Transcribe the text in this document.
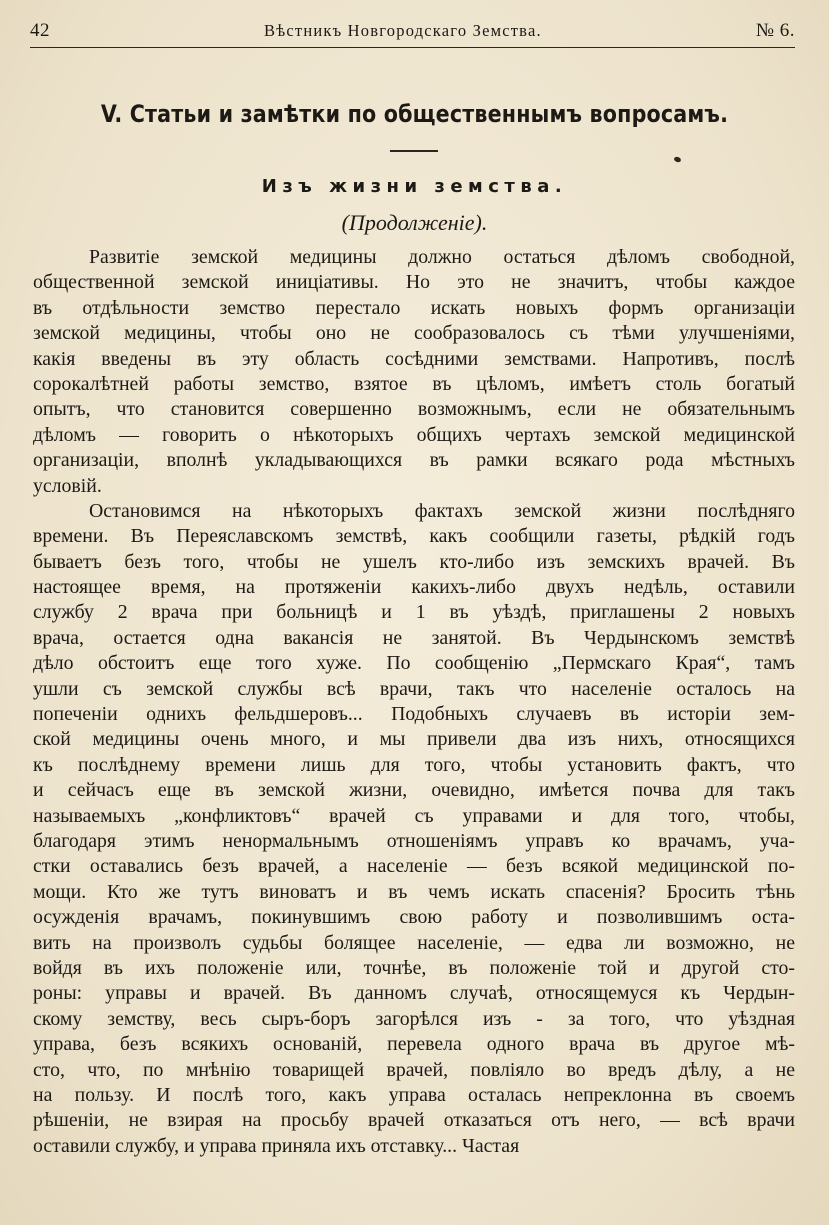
42	Вѣстникъ Новгородскаго Земства.	№ 6.
V. Статьи и замѣтки по общественнымъ вопросамъ.
Изъ жизни земства.
(Продолженіе).
Развитіе земской медицины должно остаться дѣломъ свободной,
общественной земской иниціативы. Но это не значитъ, чтобы каждое
въ отдѣльности земство перестало искать новыхъ формъ организаціи
земской медицины, чтобы оно не сообразовалось съ тѣми улучшеніями,
какія введены въ эту область сосѣдними земствами. Напротивъ, послѣ
сорокалѣтней работы земство, взятое въ цѣломъ, имѣетъ столь богатый
опытъ, что становится совершенно возможнымъ, если не обязательнымъ
дѣломъ — говорить о нѣкоторыхъ общихъ чертахъ земской медицинской
организаціи, вполнѣ укладывающихся въ рамки всякаго рода мѣстныхъ
условій.
Остановимся на нѣкоторыхъ фактахъ земской жизни послѣдняго
времени. Въ Переяславскомъ земствѣ, какъ сообщили газеты, рѣдкій годъ
бываетъ безъ того, чтобы не ушелъ кто-либо изъ земскихъ врачей. Въ
настоящее время, на протяженіи какихъ-либо двухъ недѣль, оставили
службу 2 врача при больницѣ и 1 въ уѣздѣ, приглашены 2 новыхъ
врача, остается одна вакансія не занятой. Въ Чердынскомъ земствѣ
дѣло обстоитъ еще того хуже. По сообщенію „Пермскаго Края“, тамъ
ушли съ земской службы всѣ врачи, такъ что населеніе осталось на
попеченіи однихъ фельдшеровъ... Подобныхъ случаевъ въ исторіи зем-
ской медицины очень много, и мы привели два изъ нихъ, относящихся
къ послѣднему времени лишь для того, чтобы установить фактъ, что
и сейчасъ еще въ земской жизни, очевидно, имѣется почва для такъ
называемыхъ „конфликтовъ“ врачей съ управами и для того, чтобы,
благодаря этимъ ненормальнымъ отношеніямъ управъ ко врачамъ, уча-
стки оставались безъ врачей, а населеніе — безъ всякой медицинской по-
мощи. Кто же тутъ виноватъ и въ чемъ искать спасенія? Бросить тѣнь
осужденія врачамъ, покинувшимъ свою работу и позволившимъ оста-
вить на произволъ судьбы болящее населеніе, — едва ли возможно, не
войдя въ ихъ положеніе или, точнѣе, въ положеніе той и другой сто-
роны: управы и врачей. Въ данномъ случаѣ, относящемуся къ Чердын-
скому земству, весь сыръ-боръ загорѣлся изъ - за того, что уѣздная
управа, безъ всякихъ основаній, перевела одного врача въ другое мѣ-
сто, что, по мнѣнію товарищей врачей, повліяло во вредъ дѣлу, а не
на пользу. И послѣ того, какъ управа осталась непреклонна въ своемъ
рѣшеніи, не взирая на просьбу врачей отказаться отъ него, — всѣ врачи
оставили службу, и управа приняла ихъ отставку... Частая
